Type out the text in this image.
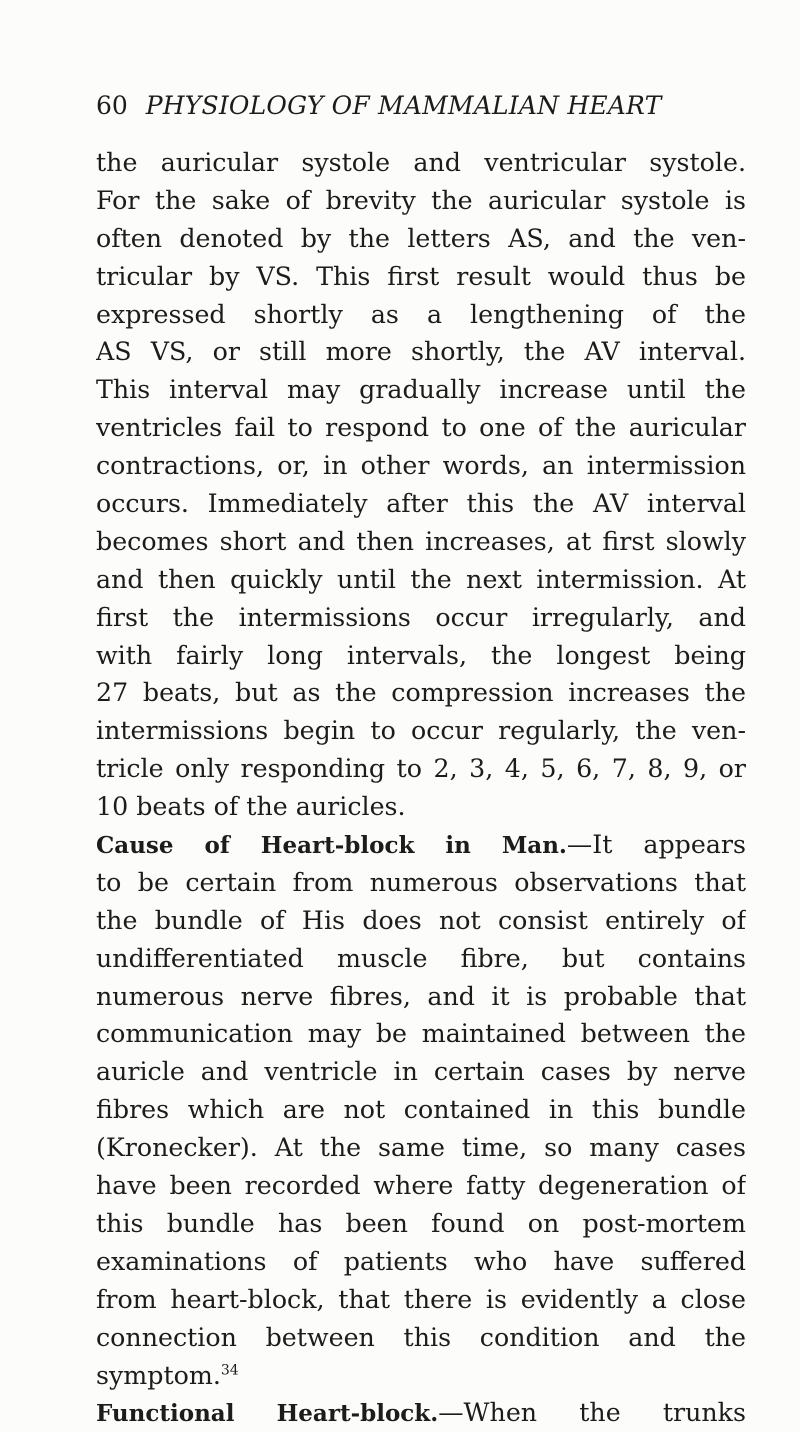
60 PHYSIOLOGY OF MAMMALIAN HEART
the auricular systole and ventricular systole.
For the sake of brevity the auricular systole is
often denoted by the letters AS, and the ven-
tricular by VS. This first result would thus be
expressed shortly as a lengthening of the
AS VS, or still more shortly, the AV interval.
This interval may gradually increase until the
ventricles fail to respond to one of the auricular
contractions, or, in other words, an intermission
occurs. Immediately after this the AV interval
becomes short and then increases, at first slowly
and then quickly until the next intermission. At
first the intermissions occur irregularly, and
with fairly long intervals, the longest being
27 beats, but as the compression increases the
intermissions begin to occur regularly, the ven-
tricle only responding to 2, 3, 4, 5, 6, 7, 8, 9, or
10 beats of the auricles.
Cause of Heart-block in Man.—It appears
to be certain from numerous observations that
the bundle of His does not consist entirely of
undifferentiated muscle fibre, but contains
numerous nerve fibres, and it is probable that
communication may be maintained between the
auricle and ventricle in certain cases by nerve
fibres which are not contained in this bundle
(Kronecker). At the same time, so many cases
have been recorded where fatty degeneration of
this bundle has been found on post-mortem
examinations of patients who have suffered
from heart-block, that there is evidently a close
connection between this condition and the
symptom.$^{34}$
Functional Heart-block.—When the trunks
